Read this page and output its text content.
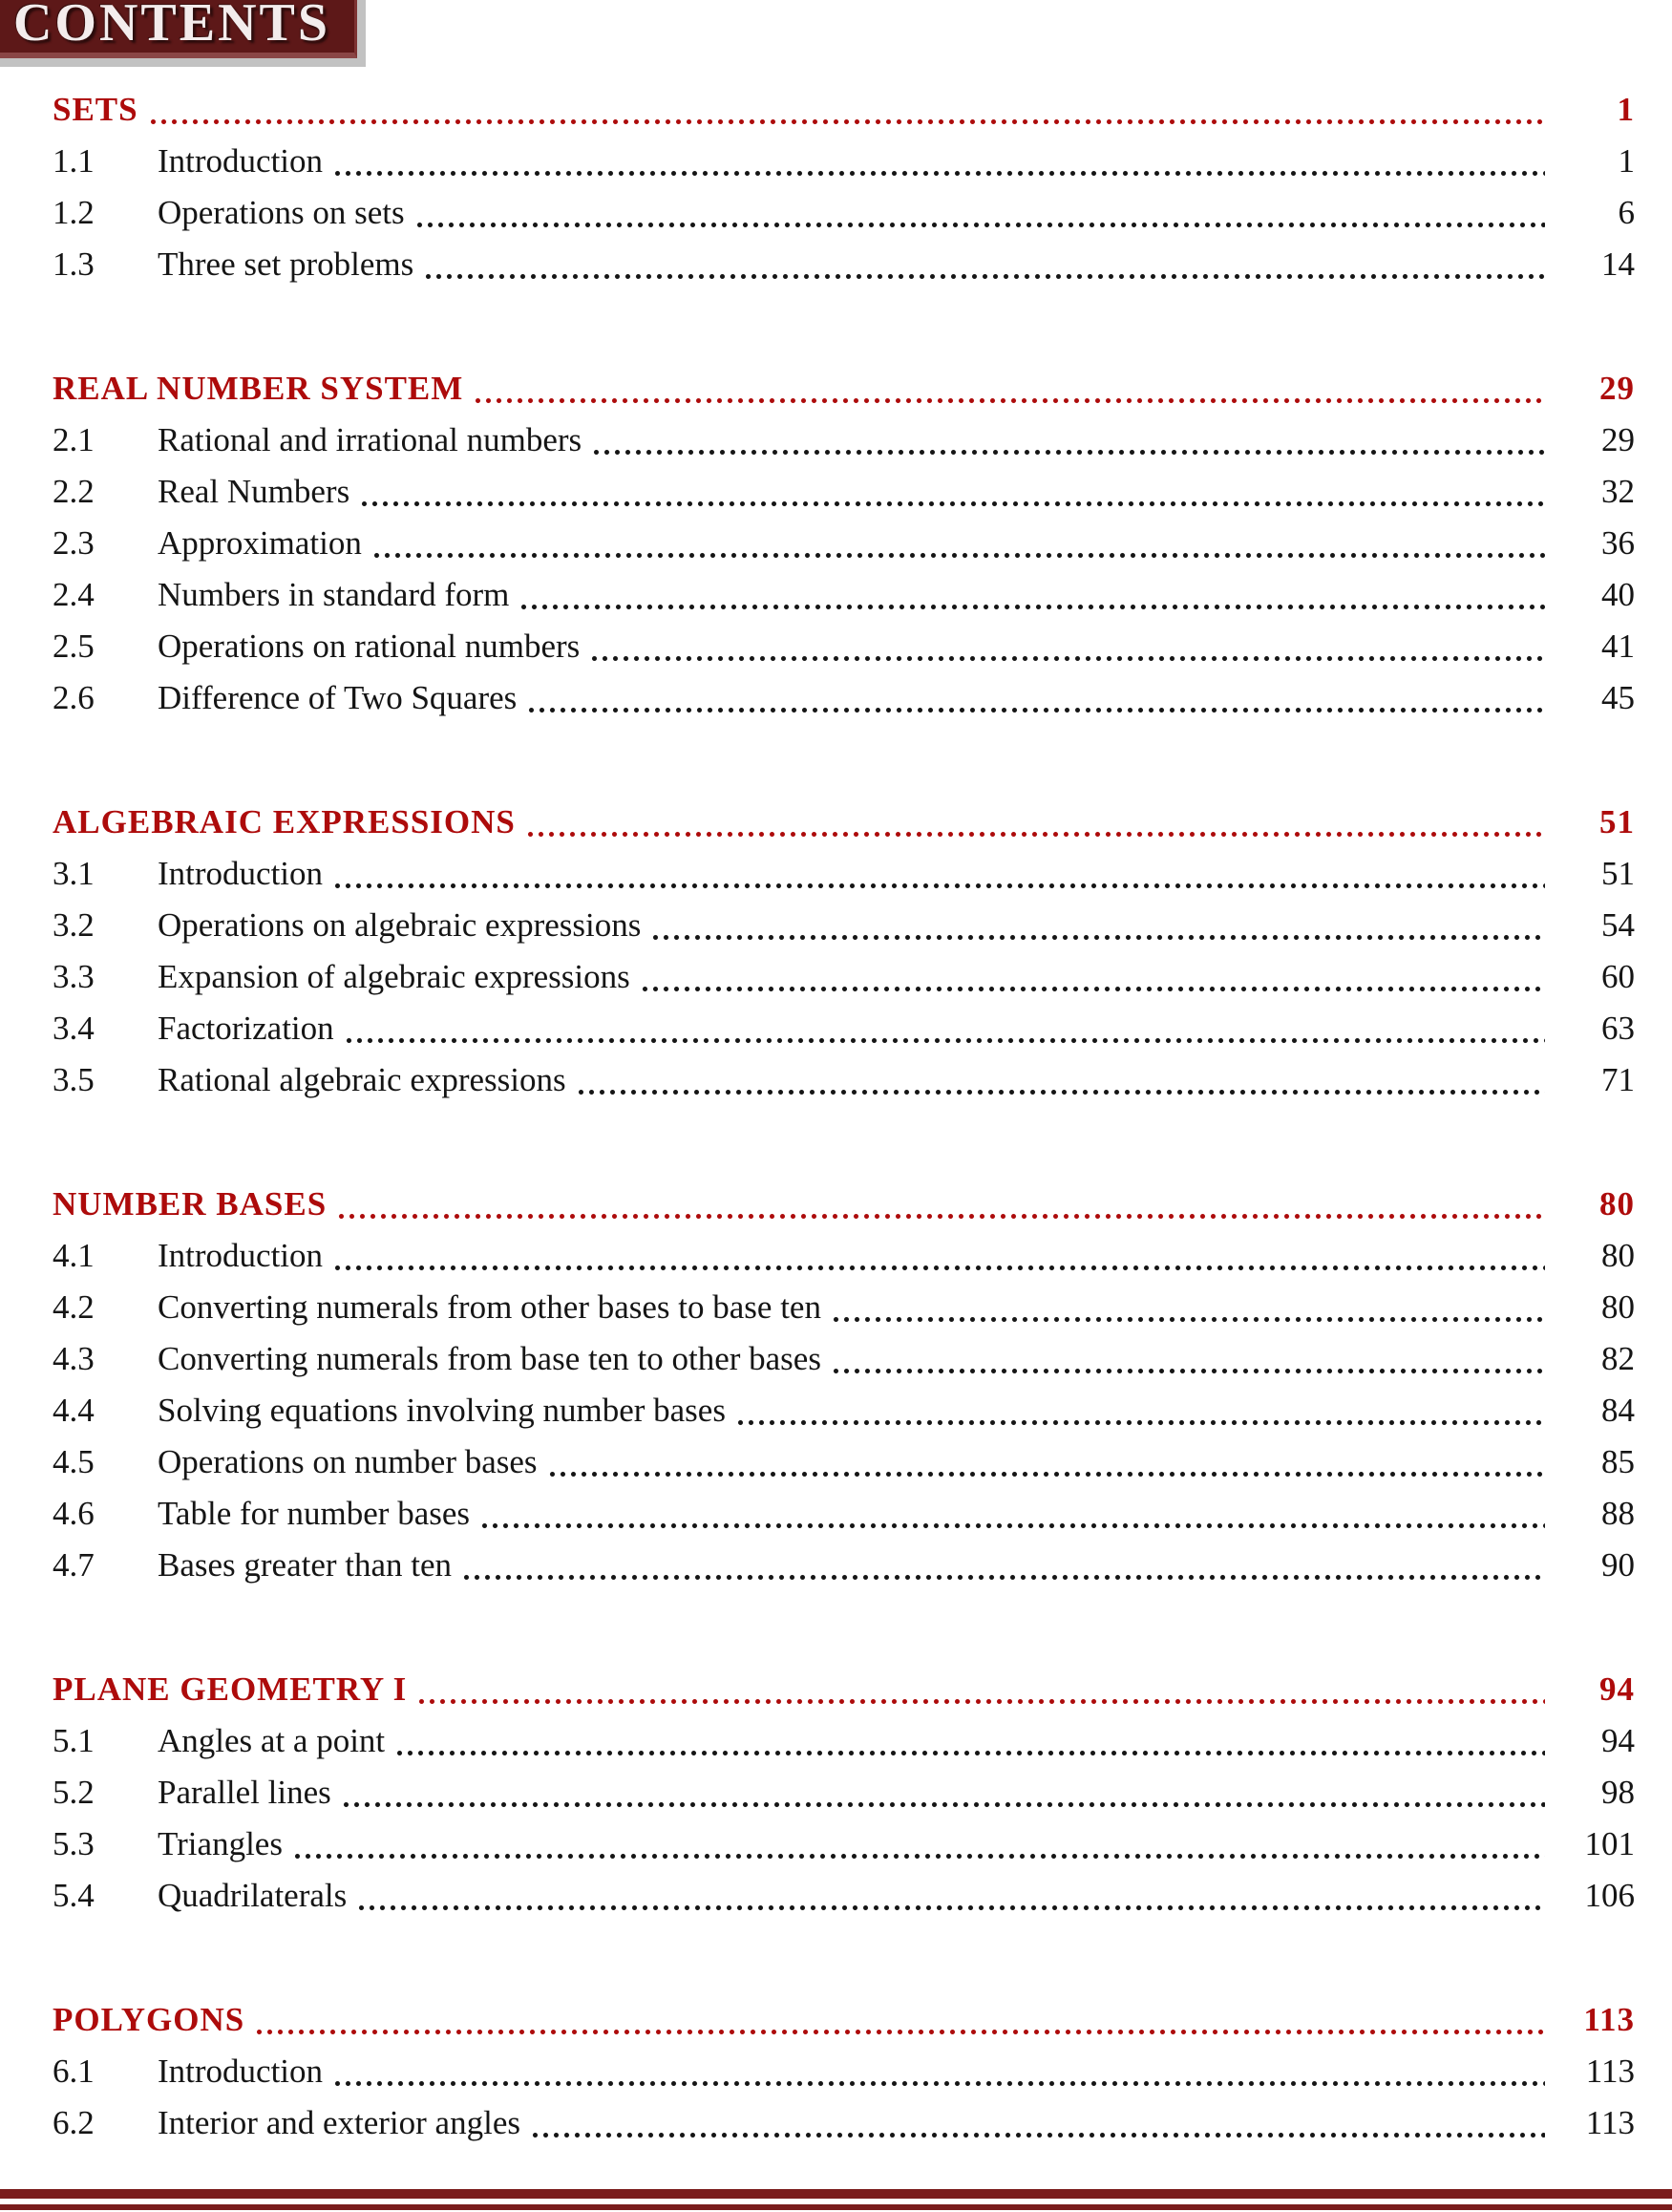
CONTENTS
SETS	1
1.1	Introduction	1
1.2	Operations on sets	6
1.3	Three set problems	14
REAL NUMBER SYSTEM	29
2.1	Rational and irrational numbers	29
2.2	Real Numbers	32
2.3	Approximation	36
2.4	Numbers in standard form	40
2.5	Operations on rational numbers	41
2.6	Difference of Two Squares	45
ALGEBRAIC EXPRESSIONS	51
3.1	Introduction	51
3.2	Operations on algebraic expressions	54
3.3	Expansion of algebraic expressions	60
3.4	Factorization	63
3.5	Rational algebraic expressions	71
NUMBER BASES	80
4.1	Introduction	80
4.2	Converting numerals from other bases to base ten	80
4.3	Converting numerals from base ten to other bases	82
4.4	Solving equations involving number bases	84
4.5	Operations on number bases	85
4.6	Table for number bases	88
4.7	Bases greater than ten	90
PLANE GEOMETRY I	94
5.1	Angles at a point	94
5.2	Parallel lines	98
5.3	Triangles	101
5.4	Quadrilaterals	106
POLYGONS	113
6.1	Introduction	113
6.2	Interior and exterior angles	113
